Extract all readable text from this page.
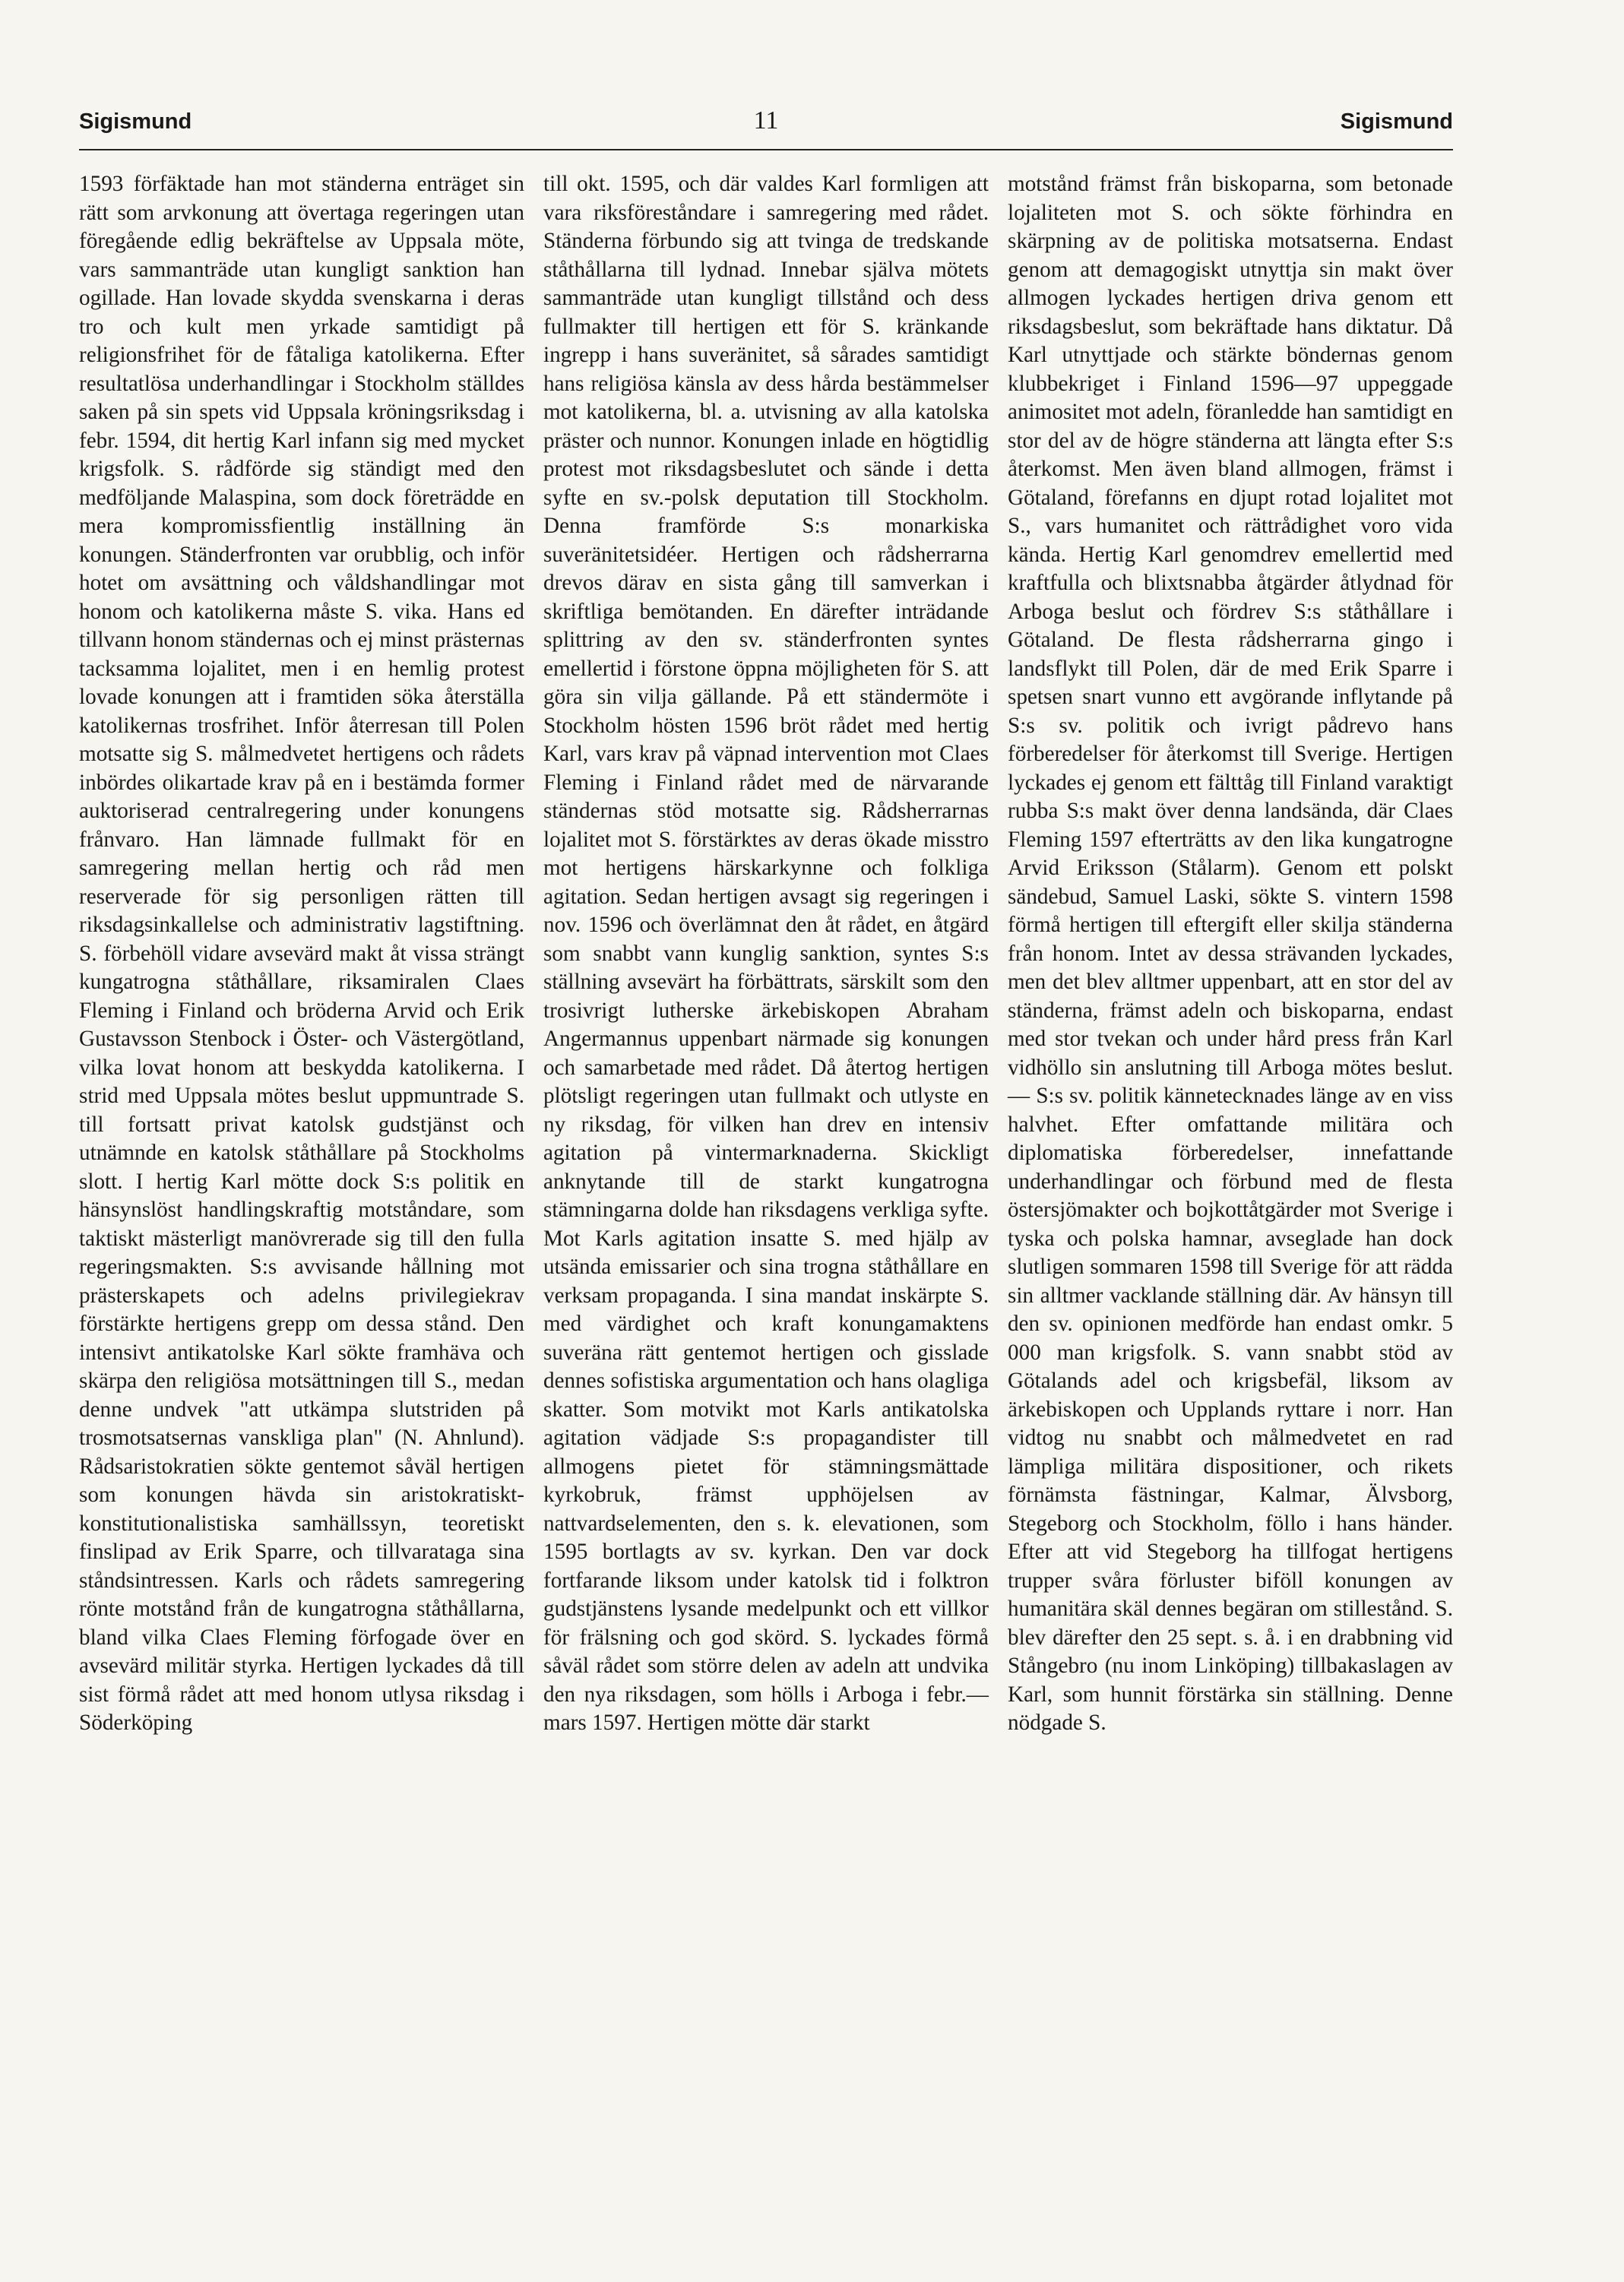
Sigismund	11	Sigismund

1593 förfäktade han mot ständerna enträget sin rätt som arvkonung att övertaga regeringen utan föregående edlig bekräftelse av Uppsala möte, vars sammanträde utan kungligt sanktion han ogillade. Han lovade skydda svenskarna i deras tro och kult men yrkade samtidigt på religionsfrihet för de fåtaliga katolikerna. Efter resultatlösa underhandlingar i Stockholm ställdes saken på sin spets vid Uppsala kröningsriksdag i febr. 1594, dit hertig Karl infann sig med mycket krigsfolk. S. rådförde sig ständigt med den medföljande Malaspina, som dock företrädde en mera kompromissfientlig inställning än konungen. Ständerfronten var orubblig, och inför hotet om avsättning och våldshandlingar mot honom och katolikerna måste S. vika. Hans ed tillvann honom ständernas och ej minst prästernas tacksamma lojalitet, men i en hemlig protest lovade konungen att i framtiden söka återställa katolikernas trosfrihet. Inför återresan till Polen motsatte sig S. målmedvetet hertigens och rådets inbördes olikartade krav på en i bestämda former auktoriserad centralregering under konungens frånvaro. Han lämnade fullmakt för en samregering mellan hertig och råd men reserverade för sig personligen rätten till riksdagsinkallelse och administrativ lagstiftning. S. förbehöll vidare avsevärd makt åt vissa strängt kungatrogna ståthållare, riksamiralen Claes Fleming i Finland och bröderna Arvid och Erik Gustavsson Stenbock i Öster- och Västergötland, vilka lovat honom att beskydda katolikerna. I strid med Uppsala mötes beslut uppmuntrade S. till fortsatt privat katolsk gudstjänst och utnämnde en katolsk ståthållare på Stockholms slott. I hertig Karl mötte dock S:s politik en hänsynslöst handlingskraftig motståndare, som taktiskt mästerligt manövrerade sig till den fulla regeringsmakten. S:s avvisande hållning mot prästerskapets och adelns privilegiekrav förstärkte hertigens grepp om dessa stånd. Den intensivt antikatolske Karl sökte framhäva och skärpa den religiösa motsättningen till S., medan denne undvek "att utkämpa slutstriden på trosmotsatsernas vanskliga plan" (N. Ahnlund). Rådsaristokratien sökte gentemot såväl hertigen som konungen hävda sin aristokratiskt-konstitutionalistiska samhällssyn, teoretiskt finslipad av Erik Sparre, och tillvarataga sina ståndsintressen. Karls och rådets samregering rönte motstånd från de kungatrogna ståthållarna, bland vilka Claes Fleming förfogade över en avsevärd militär styrka. Hertigen lyckades då till sist förmå rådet att med honom utlysa riksdag i Söderköping

till okt. 1595, och där valdes Karl formligen att vara riksföreståndare i samregering med rådet. Ständerna förbundo sig att tvinga de tredskande ståthållarna till lydnad. Innebar själva mötets sammanträde utan kungligt tillstånd och dess fullmakter till hertigen ett för S. kränkande ingrepp i hans suveränitet, så sårades samtidigt hans religiösa känsla av dess hårda bestämmelser mot katolikerna, bl. a. utvisning av alla katolska präster och nunnor. Konungen inlade en högtidlig protest mot riksdagsbeslutet och sände i detta syfte en sv.-polsk deputation till Stockholm. Denna framförde S:s monarkiska suveränitetsidéer. Hertigen och rådsherrarna drevos därav en sista gång till samverkan i skriftliga bemötanden. En därefter inträdande splittring av den sv. ständerfronten syntes emellertid i förstone öppna möjligheten för S. att göra sin vilja gällande. På ett ständermöte i Stockholm hösten 1596 bröt rådet med hertig Karl, vars krav på väpnad intervention mot Claes Fleming i Finland rådet med de närvarande ständernas stöd motsatte sig. Rådsherrarnas lojalitet mot S. förstärktes av deras ökade misstro mot hertigens härskarkynne och folkliga agitation. Sedan hertigen avsagt sig regeringen i nov. 1596 och överlämnat den åt rådet, en åtgärd som snabbt vann kunglig sanktion, syntes S:s ställning avsevärt ha förbättrats, särskilt som den trosivrigt lutherske ärkebiskopen Abraham Angermannus uppenbart närmade sig konungen och samarbetade med rådet. Då återtog hertigen plötsligt regeringen utan fullmakt och utlyste en ny riksdag, för vilken han drev en intensiv agitation på vintermarknaderna. Skickligt anknytande till de starkt kungatrogna stämningarna dolde han riksdagens verkliga syfte. Mot Karls agitation insatte S. med hjälp av utsända emissarier och sina trogna ståthållare en verksam propaganda. I sina mandat inskärpte S. med värdighet och kraft konungamaktens suveräna rätt gentemot hertigen och gisslade dennes sofistiska argumentation och hans olagliga skatter. Som motvikt mot Karls antikatolska agitation vädjade S:s propagandister till allmogens pietet för stämningsmättade kyrkobruk, främst upphöjelsen av nattvardselementen, den s. k. elevationen, som 1595 bortlagts av sv. kyrkan. Den var dock fortfarande liksom under katolsk tid i folktron gudstjänstens lysande medelpunkt och ett villkor för frälsning och god skörd. S. lyckades förmå såväl rådet som större delen av adeln att undvika den nya riksdagen, som hölls i Arboga i febr.—mars 1597. Hertigen mötte där starkt

motstånd främst från biskoparna, som betonade lojaliteten mot S. och sökte förhindra en skärpning av de politiska motsatserna. Endast genom att demagogiskt utnyttja sin makt över allmogen lyckades hertigen driva genom ett riksdagsbeslut, som bekräftade hans diktatur. Då Karl utnyttjade och stärkte böndernas genom klubbekriget i Finland 1596—97 uppeggade animositet mot adeln, föranledde han samtidigt en stor del av de högre ständerna att längta efter S:s återkomst. Men även bland allmogen, främst i Götaland, förefanns en djupt rotad lojalitet mot S., vars humanitet och rättrådighet voro vida kända. Hertig Karl genomdrev emellertid med kraftfulla och blixtsnabba åtgärder åtlydnad för Arboga beslut och fördrev S:s ståthållare i Götaland. De flesta rådsherrarna gingo i landsflykt till Polen, där de med Erik Sparre i spetsen snart vunno ett avgörande inflytande på S:s sv. politik och ivrigt pådrevo hans förberedelser för återkomst till Sverige. Hertigen lyckades ej genom ett fälttåg till Finland varaktigt rubba S:s makt över denna landsända, där Claes Fleming 1597 efterträtts av den lika kungatrogne Arvid Eriksson (Stålarm). Genom ett polskt sändebud, Samuel Laski, sökte S. vintern 1598 förmå hertigen till eftergift eller skilja ständerna från honom. Intet av dessa strävanden lyckades, men det blev alltmer uppenbart, att en stor del av ständerna, främst adeln och biskoparna, endast med stor tvekan och under hård press från Karl vidhöllo sin anslutning till Arboga mötes beslut. — S:s sv. politik kännetecknades länge av en viss halvhet. Efter omfattande militära och diplomatiska förberedelser, innefattande underhandlingar och förbund med de flesta östersjömakter och bojkottåtgärder mot Sverige i tyska och polska hamnar, avseglade han dock slutligen sommaren 1598 till Sverige för att rädda sin alltmer vacklande ställning där. Av hänsyn till den sv. opinionen medförde han endast omkr. 5 000 man krigsfolk. S. vann snabbt stöd av Götalands adel och krigsbefäl, liksom av ärkebiskopen och Upplands ryttare i norr. Han vidtog nu snabbt och målmedvetet en rad lämpliga militära dispositioner, och rikets förnämsta fästningar, Kalmar, Älvsborg, Stegeborg och Stockholm, föllo i hans händer. Efter att vid Stegeborg ha tillfogat hertigens trupper svåra förluster biföll konungen av humanitära skäl dennes begäran om stillestånd. S. blev därefter den 25 sept. s. å. i en drabbning vid Stångebro (nu inom Linköping) tillbakaslagen av Karl, som hunnit förstärka sin ställning. Denne nödgade S.
